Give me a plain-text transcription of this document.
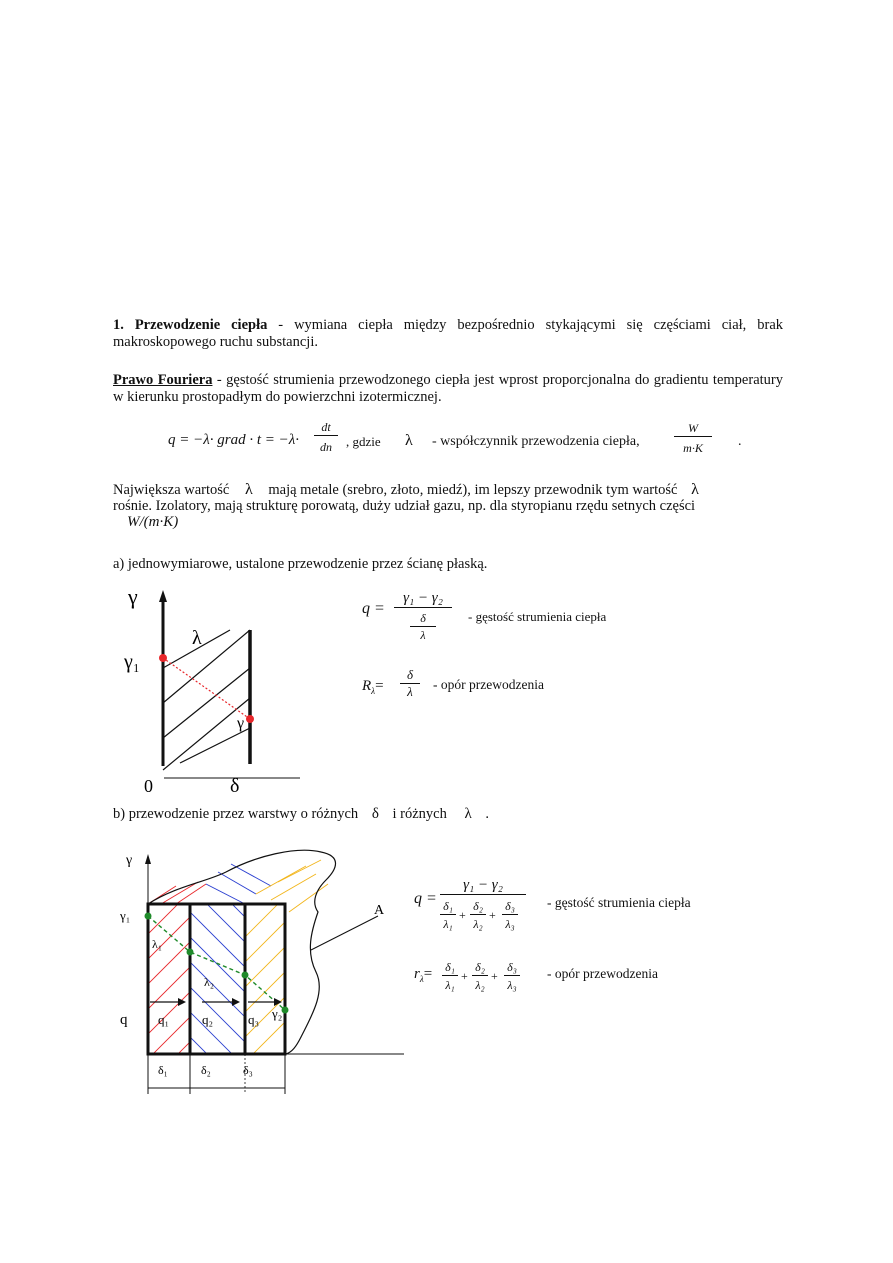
1. Przewodzenie ciepła - wymiana ciepła między bezpośrednio stykającymi się częściami ciał, brak makroskopowego ruchu substancji.
Prawo Fouriera - gęstość strumienia przewodzonego ciepła jest wprost proporcjonalna do gradientu temperatury w kierunku prostopadłym do powierzchni izotermicznej.
q = −λ· grad · t = −λ·
dt
dn	, gdzie λ - współczynnik przewodzenia ciepła,
W
m·K	.
Największa wartość λ mają metale (srebro, złoto, miedź), im lepszy przewodnik tym wartość λ
rośnie. Izolatory, mają strukturę porowatą, duży udział gazu, np. dla styropianu rzędu setnych części
W/(m·K)
a) jednowymiarowe, ustalone przewodzenie przez ścianę płaską.
γ
γ₁
γ
λ
0	δ
q =
γ₁ − γ₂
δ
λ
- gęstość strumienia ciepła
$R_\lambda=$
δ
λ	- opór przewodzenia
b) przewodzenie przez warstwy o różnych δ i różnych λ .
γ
γ₁
γ₂
A
q q₁	q₂	q₃
λ₁
λ₂
δ₁	δ₂	δ₃
q =
γ₁ − γ₂
δ₁
λ₁
+
δ₂
λ₂
+
δ₃
λ₃
- gęstość strumienia ciepła
$r_\lambda= \delta_1$
λ₁
+
δ₂
λ₂
+
δ₃
λ₃
- opór przewodzenia
